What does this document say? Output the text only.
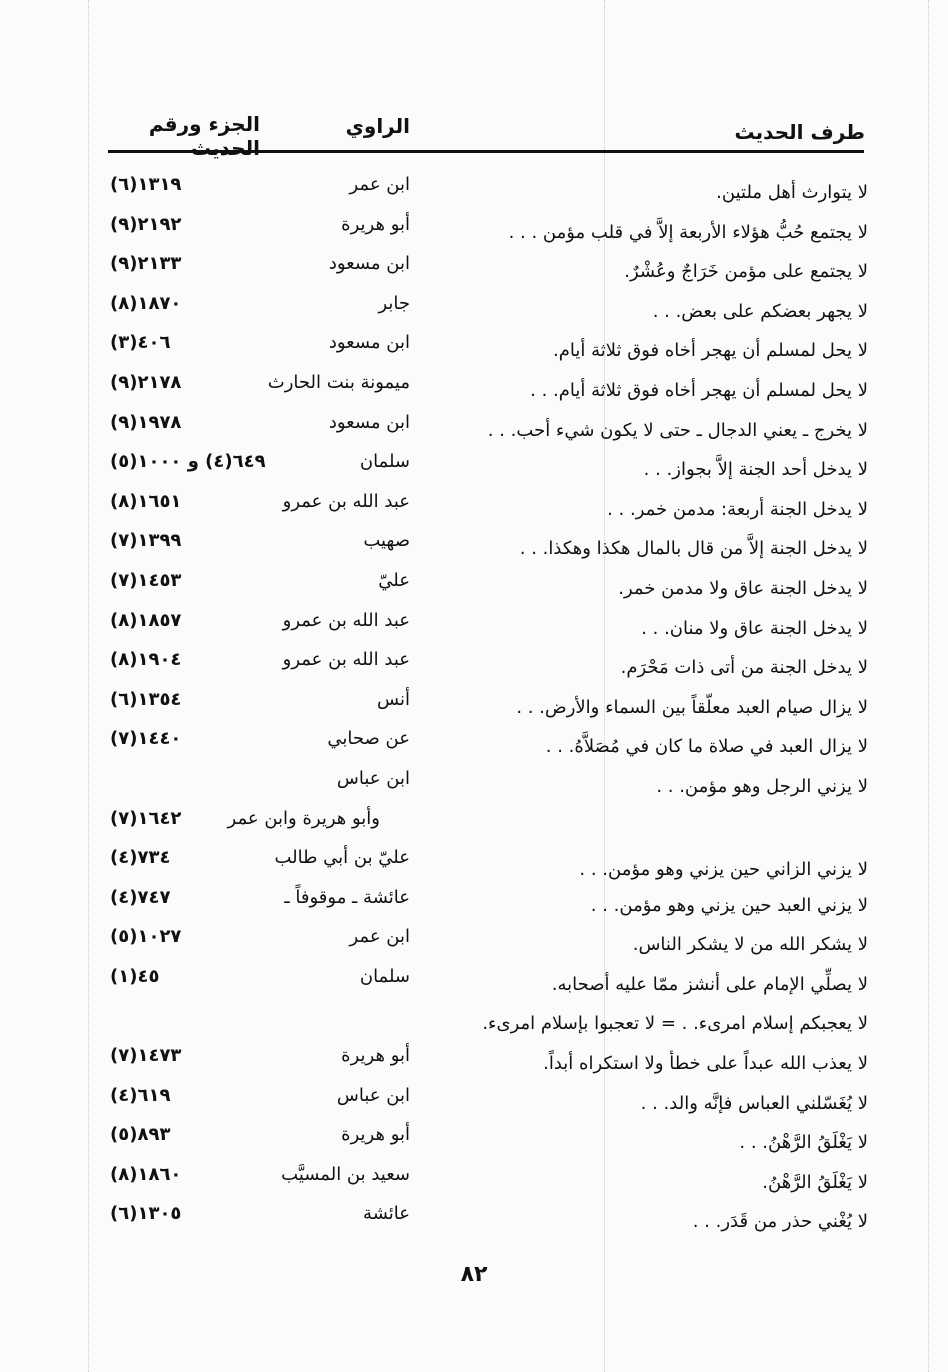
طرف الحديث
الراوي
الجزء ورقم الحديث
لا يتوارث أهل ملتين.
ابن عمر
١٣١٩(٦)
لا يجتمع حُبُّ هؤلاء الأربعة إلاَّ في قلب مؤمن . . .
أبو هريرة
٢١٩٢(٩)
لا يجتمع على مؤمن خَرَاجٌ وعُشْرٌ.
ابن مسعود
٢١٣٣(٩)
لا يجهر بعضكم على بعض. . .
جابر
١٨٧٠(٨)
لا يحل لمسلم أن يهجر أخاه فوق ثلاثة أيام.
ابن مسعود
٤٠٦(٣)
لا يحل لمسلم أن يهجر أخاه فوق ثلاثة أيام. . .
ميمونة بنت الحارث
٢١٧٨(٩)
لا يخرج ـ يعني الدجال ـ حتى لا يكون شيء أحب. . .
ابن مسعود
١٩٧٨(٩)
لا يدخل أحد الجنة إلاَّ بجواز. . .
سلمان
٦٤٩(٤) و ١٠٠٠(٥)
لا يدخل الجنة أربعة: مدمن خمر. . .
عبد الله بن عمرو
١٦٥١(٨)
لا يدخل الجنة إلاَّ من قال بالمال هكذا وهكذا. . .
صهيب
١٣٩٩(٧)
لا يدخل الجنة عاق ولا مدمن خمر.
عليّ
١٤٥٣(٧)
لا يدخل الجنة عاق ولا منان. . .
عبد الله بن عمرو
١٨٥٧(٨)
لا يدخل الجنة من أتى ذات مَحْرَم.
عبد الله بن عمرو
١٩٠٤(٨)
لا يزال صيام العبد معلّقاً بين السماء والأرض. . .
أنس
١٣٥٤(٦)
لا يزال العبد في صلاة ما كان في مُصَلاَّهُ. . .
عن صحابي
١٤٤٠(٧)
لا يزني الرجل وهو مؤمن. . .
ابن عباس
وأبو هريرة وابن عمر
١٦٤٢(٧)
لا يزني الزاني حين يزني وهو مؤمن. . .
عليّ بن أبي طالب
٧٣٤(٤)
لا يزني العبد حين يزني وهو مؤمن. . .
عائشة ـ موقوفاً ـ
٧٤٧(٤)
لا يشكر الله من لا يشكر الناس.
ابن عمر
١٠٢٧(٥)
لا يصلِّي الإمام على أنشز ممّا عليه أصحابه.
سلمان
٤٥(١)
لا يعجبكم إسلام امرىء. . = لا تعجبوا بإسلام امرىء.
لا يعذب الله عبداً على خطأ ولا استكراه أبداً.
أبو هريرة
١٤٧٣(٧)
لا يُغَسّلني العباس فإنَّه والد. . .
ابن عباس
٦١٩(٤)
لا يَغْلَقُ الرَّهْنُ. . .
أبو هريرة
٨٩٣(٥)
لا يَغْلَقُ الرَّهْنُ.
سعيد بن المسيَّب
١٨٦٠(٨)
لا يُغْني حذر من قَدَر. . .
عائشة
١٣٠٥(٦)
٨٢
